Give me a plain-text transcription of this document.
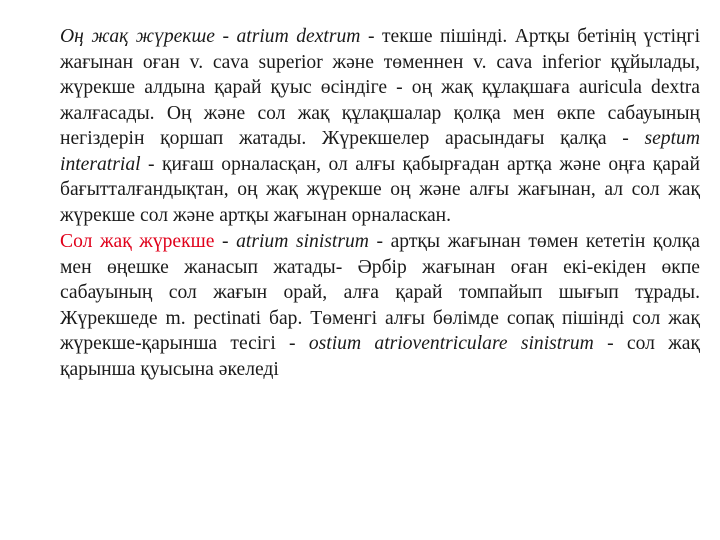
Оң жақ жүрекше - atrium dextrum - текше пішінді. Артқы бетінің үстіңгі жағынан оған v. cava superior және төменнен v. cava inferior құйылады, жүрекше алдына қарай қуыс өсіндіге - оң жақ құлақшаға auricula dextra жалғасады. Оң және сол жақ құлақшалар қолқа мен өкпе сабауының негіздерін қоршап жатады. Жүрекшелер арасындағы қалқа - septum interatrial - қиғаш орналасқан, ол алғы қабырғадан артқа және оңға қарай бағытталғандықтан, оң жақ жүрекше оң және алғы жағынан, ал сол жақ жүрекше сол және артқы жағынан орналаскан.

Сол жақ жүрекше - atrium sinistrum - артқы жағынан төмен кететін қолқа мен өңешке жанасып жатады- Әрбір жағынан оған екі-екіден өкпе сабауының сол жағын орай, алға қарай томпайып шығып тұрады. Жүрекшеде m. pectinati бар. Төменгі алғы бөлімде сопақ пішінді сол жақ жүрекше-қарынша тесігі - ostium atrioventriculare sinistrum - сол жақ қарынша қуысына әкеледі
